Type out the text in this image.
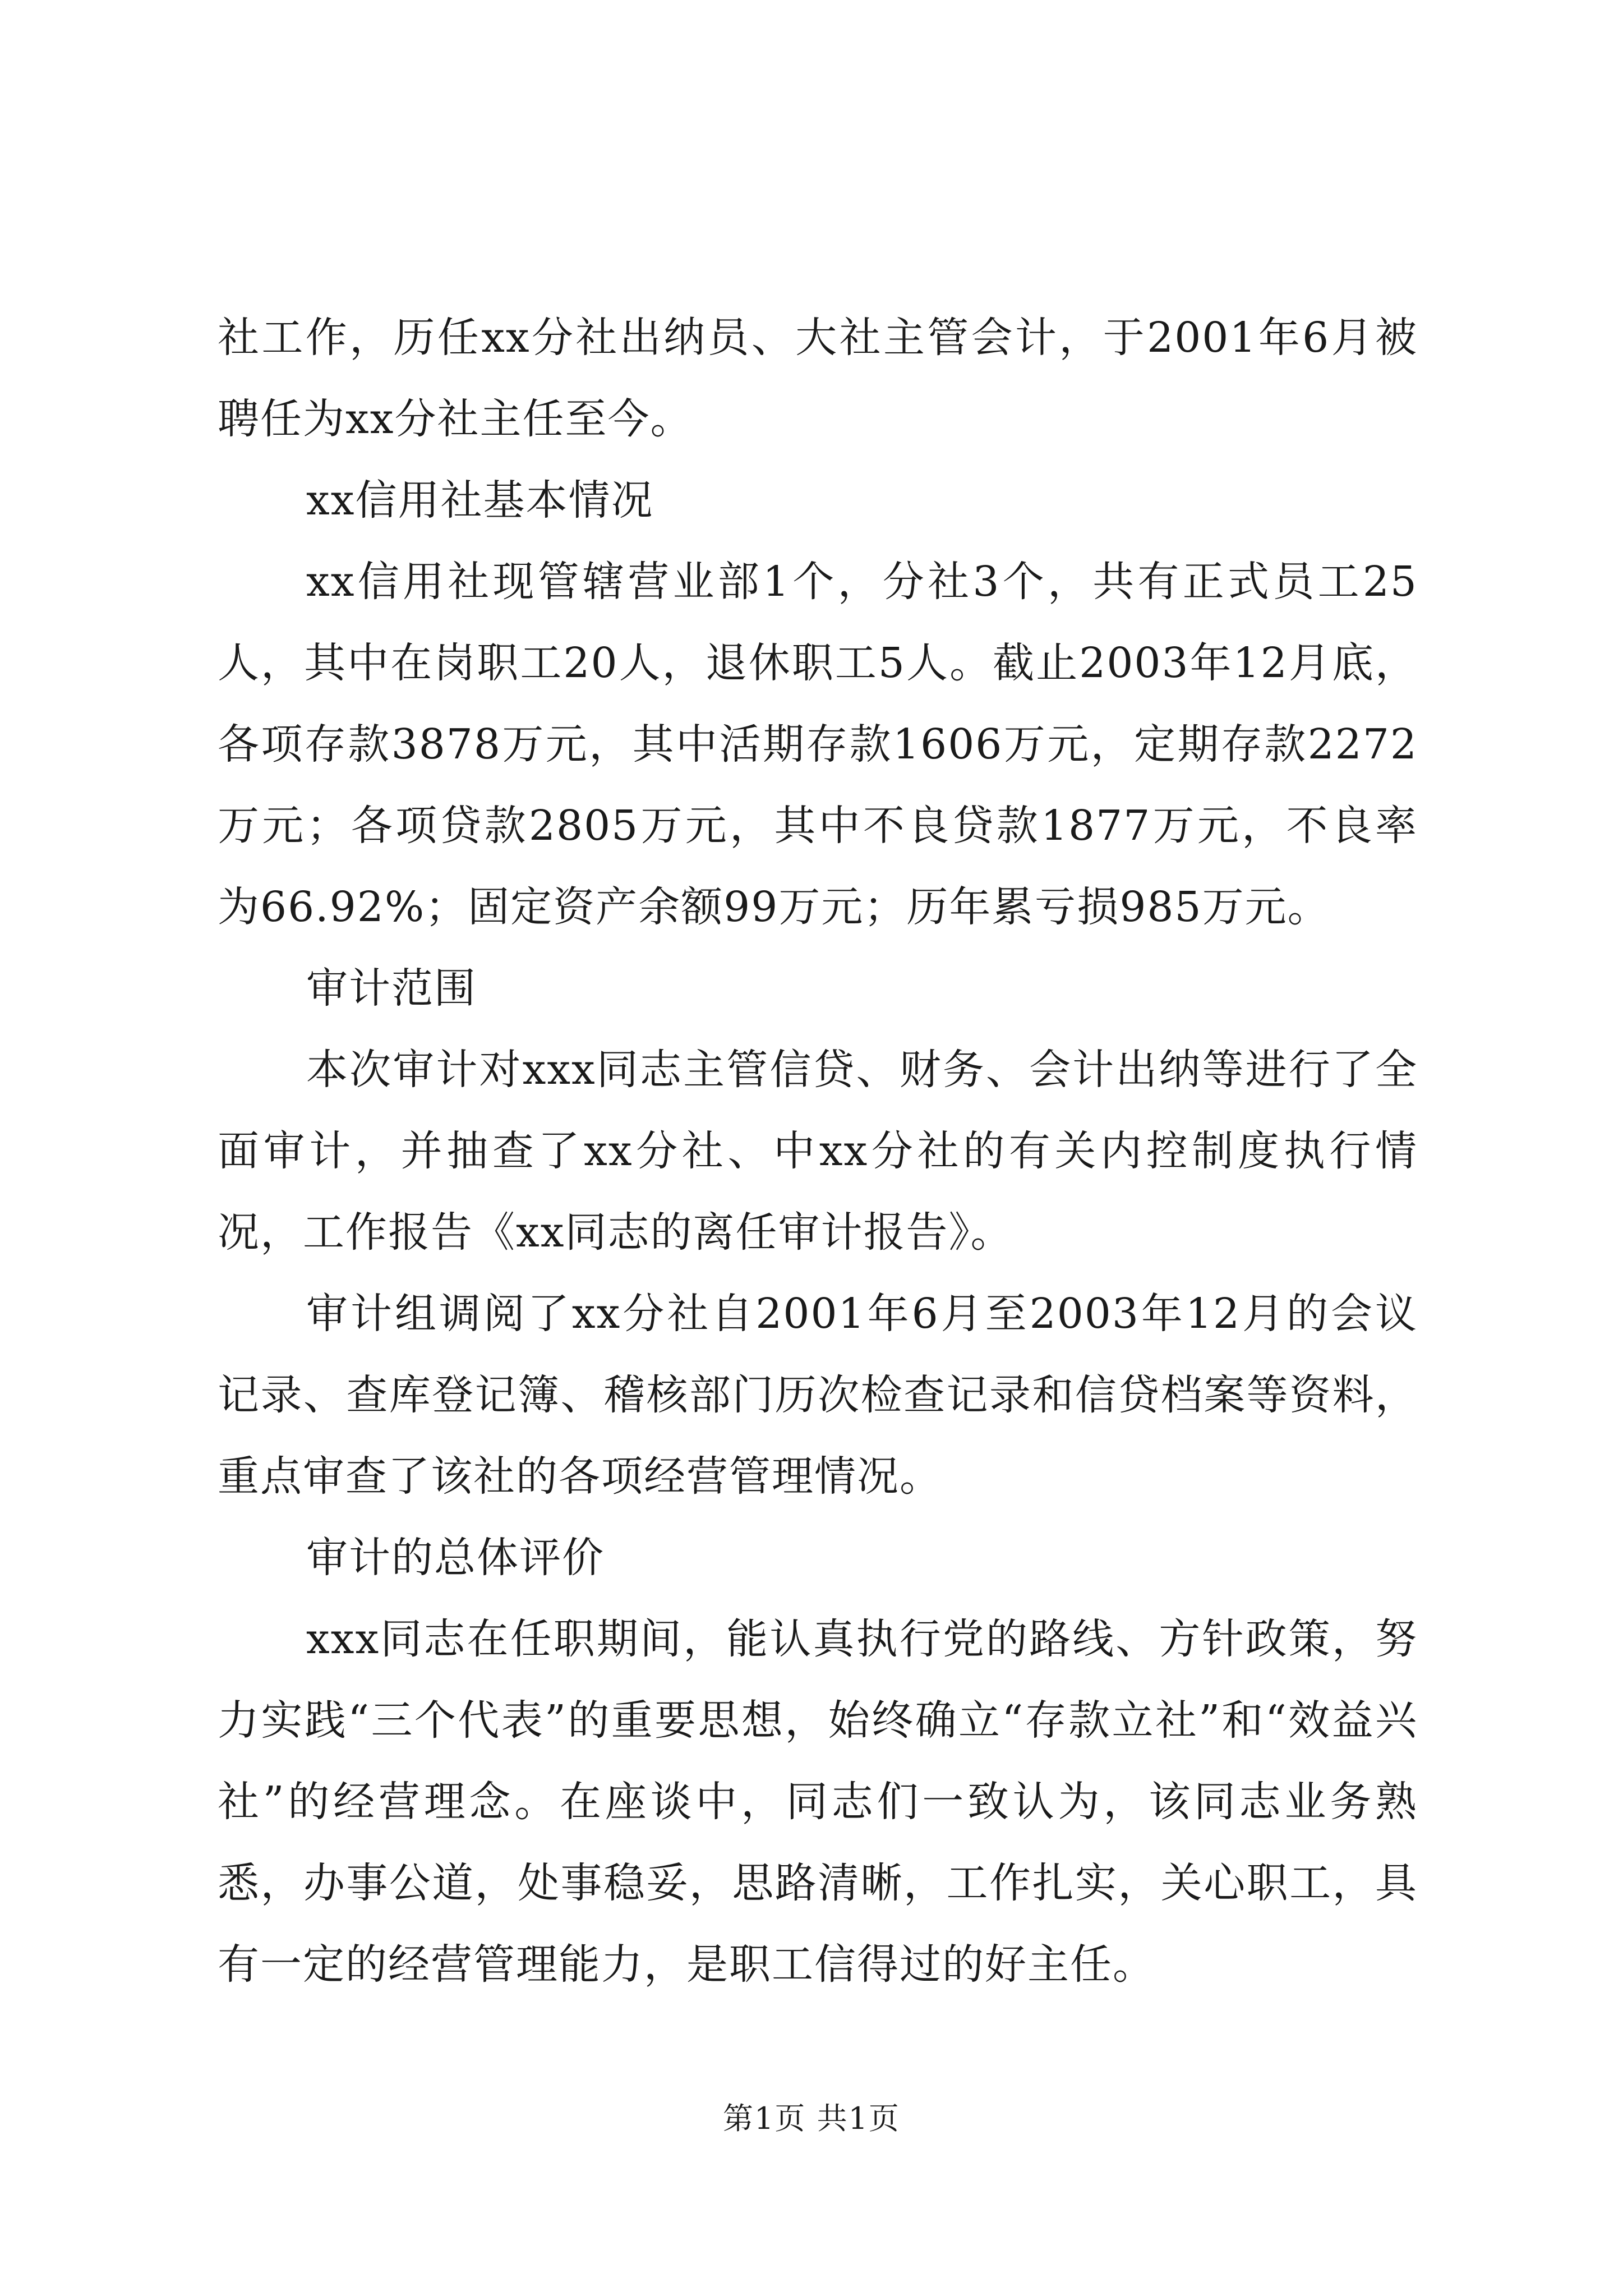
社工作，历任xx分社出纳员、大社主管会计，于2001年6月被聘任为xx分社主任至今。

xx信用社基本情况

xx信用社现管辖营业部1个，分社3个，共有正式员工25人，其中在岗职工20人，退休职工5人。截止2003年12月底，各项存款3878万元，其中活期存款1606万元，定期存款2272万元；各项贷款2805万元，其中不良贷款1877万元，不良率为66.92%；固定资产余额99万元；历年累亏损985万元。

审计范围

本次审计对xxx同志主管信贷、财务、会计出纳等进行了全面审计，并抽查了xx分社、中xx分社的有关内控制度执行情况，工作报告《xx同志的离任审计报告》。

审计组调阅了xx分社自2001年6月至2003年12月的会议记录、查库登记簿、稽核部门历次检查记录和信贷档案等资料，重点审查了该社的各项经营管理情况。

审计的总体评价

xxx同志在任职期间，能认真执行党的路线、方针政策，努力实践“三个代表”的重要思想，始终确立“存款立社”和“效益兴社”的经营理念。在座谈中，同志们一致认为，该同志业务熟悉，办事公道，处事稳妥，思路清晰，工作扎实，关心职工，具有一定的经营管理能力，是职工信得过的好主任。

第1页 共1页
